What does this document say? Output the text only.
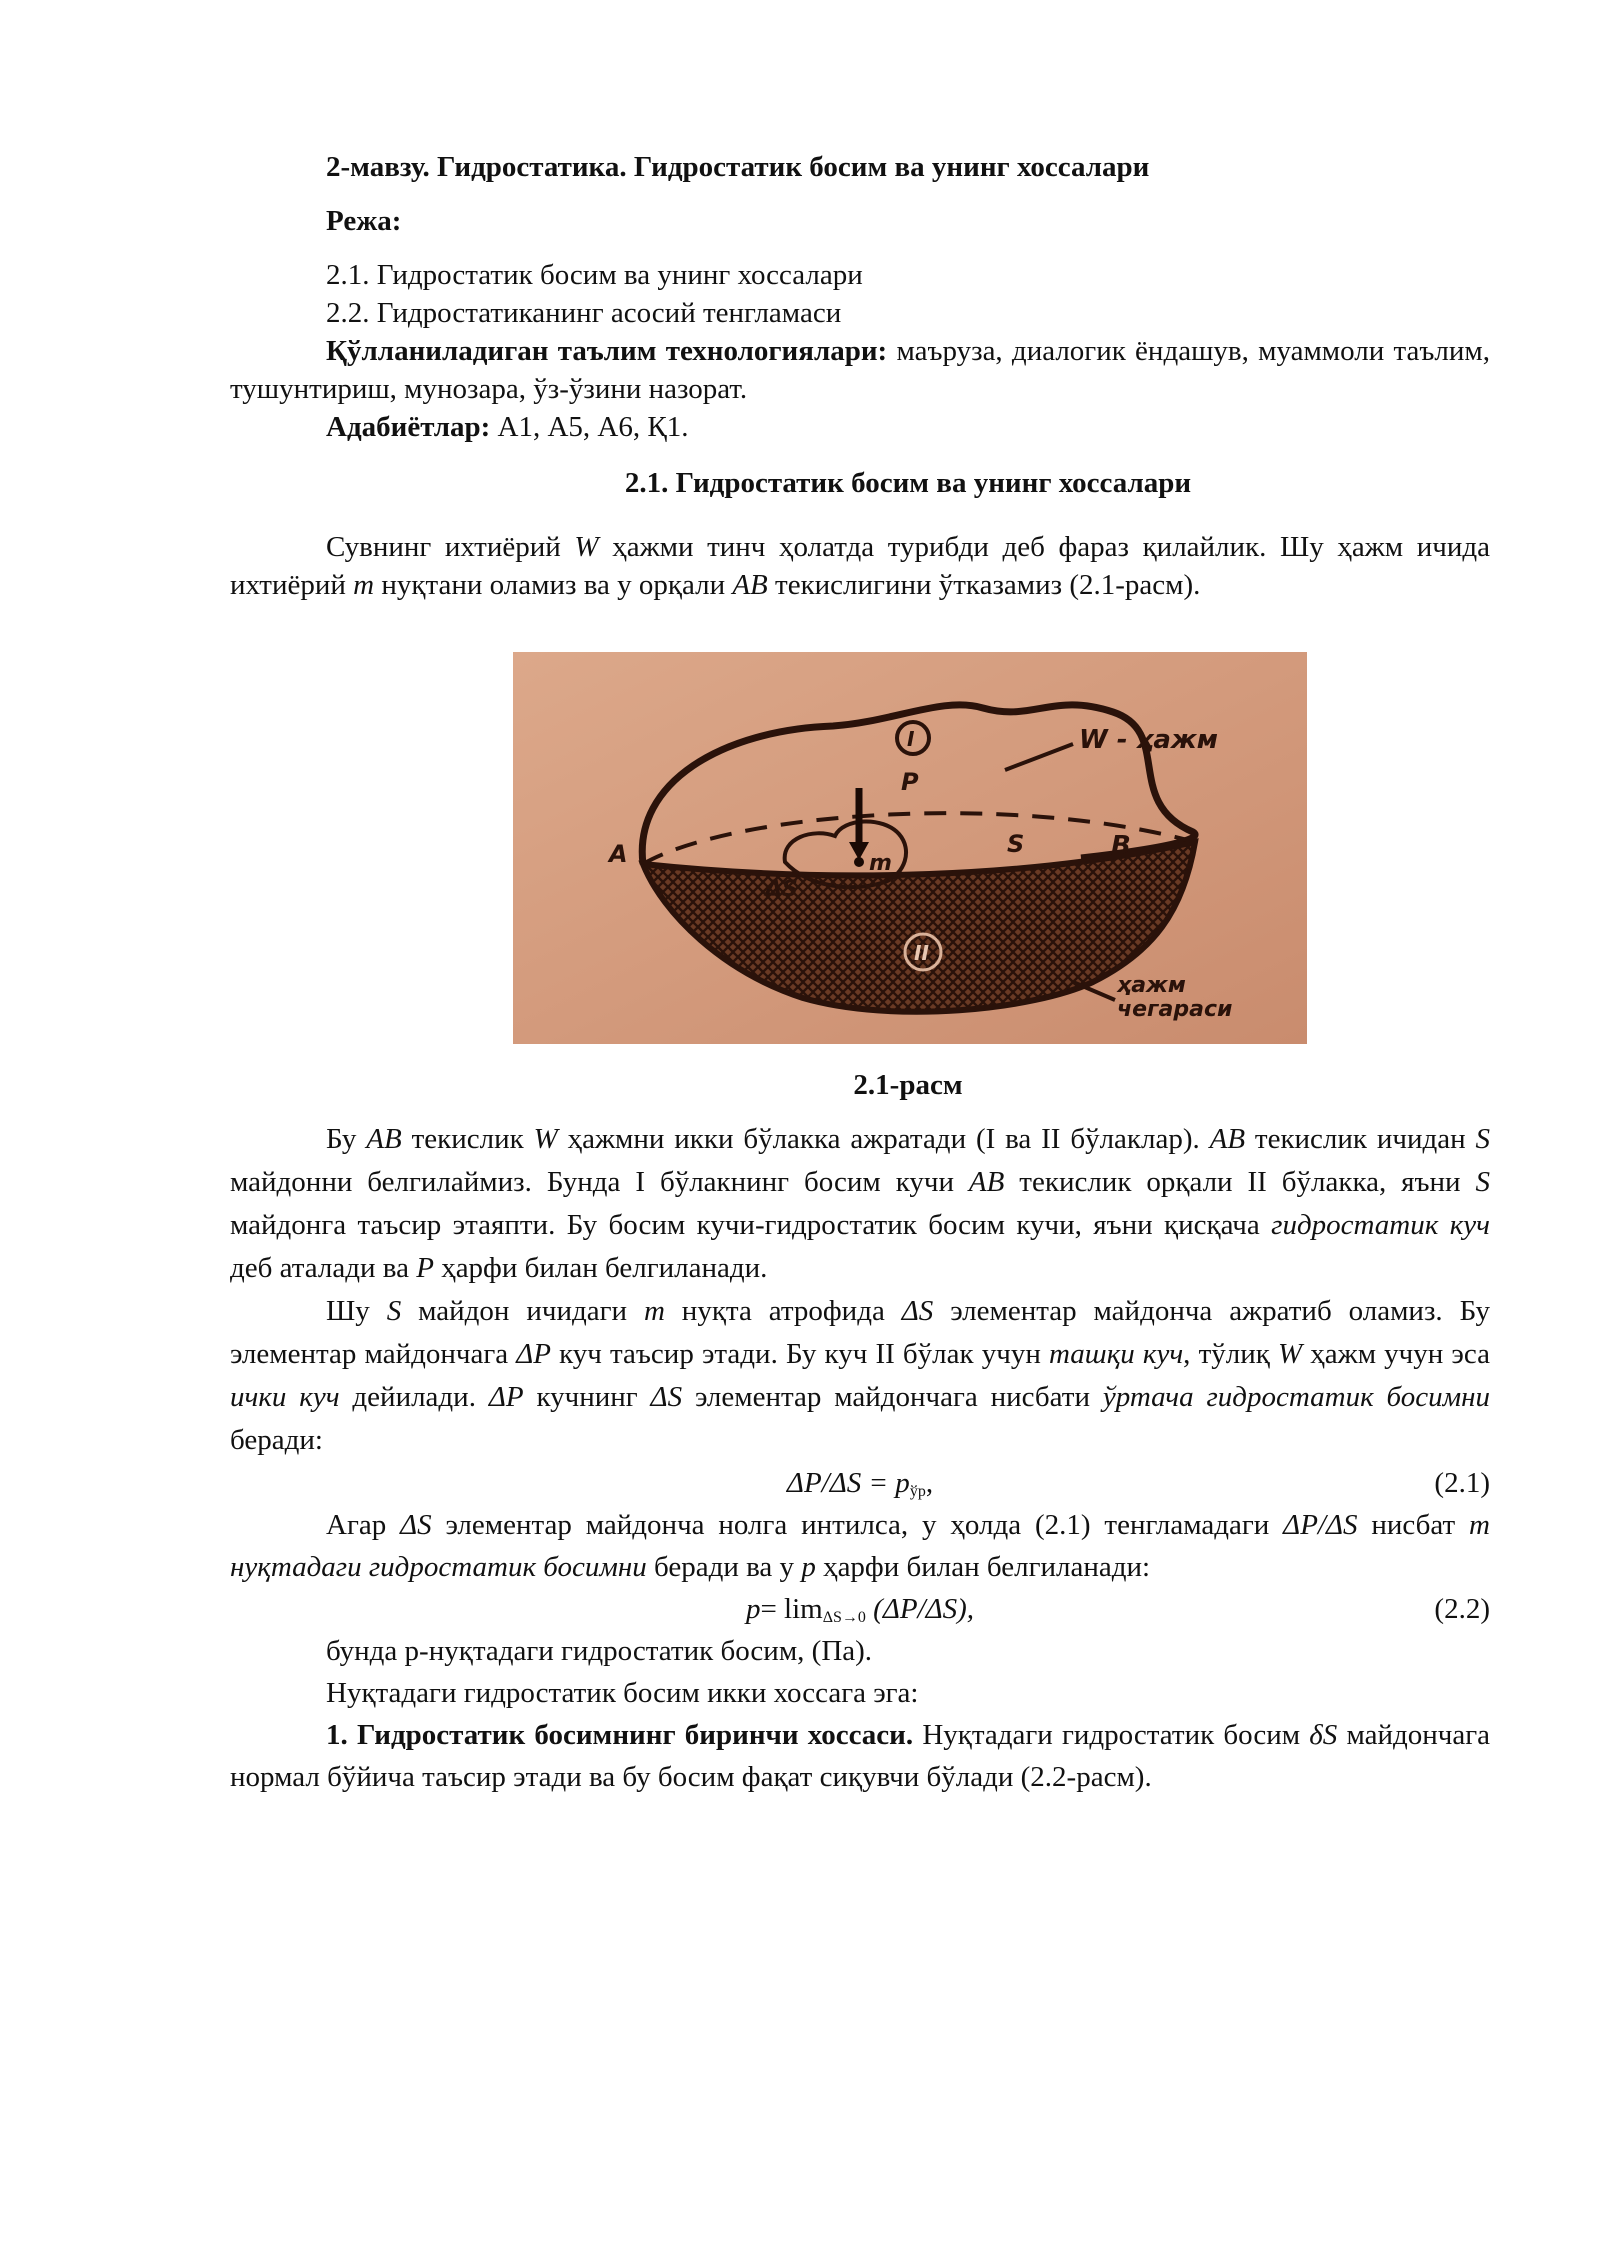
2-мавзу. Гидростатика. Гидростатик босим ва унинг хоссалари

Режа:

2.1. Гидростатик босим ва унинг хоссалари

2.2. Гидростатиканинг асосий тенгламаси

Қўлланиладиган таълим технологиялари: маъруза, диалогик ёндашув, муаммоли таълим, тушунтириш, мунозара, ўз-ўзини назорат.

Адабиётлар: А1, А5, А6, Қ1.

2.1. Гидростатик босим ва унинг хоссалари

Сувнинг ихтиёрий W ҳажми тинч ҳолатда турибди деб фараз қилайлик. Шу ҳажм ичида ихтиёрий m нуқтани оламиз ва у орқали AB текислигини ўтказамиз (2.1-расм).

I
II
P
m
ΔS
S
A	B
W - ҳажм
ҳажм
чегараси

2.1-расм

Бу AB текислик W ҳажмни икки бўлакка ажратади (I ва II бўлаклар). AB текислик ичидан S майдонни белгилаймиз. Бунда I бўлакнинг босим кучи AB текислик орқали II бўлакка, яъни S майдонга таъсир этаяпти. Бу босим кучи-гидростатик босим кучи, яъни қисқача гидростатик куч деб аталади ва Р ҳарфи билан белгиланади.

Шу S майдон ичидаги m нуқта атрофида ΔS элементар майдонча ажратиб оламиз. Бу элементар майдончага ΔP куч таъсир этади. Бу куч II бўлак учун ташқи куч, тўлиқ W ҳажм учун эса ички куч дейилади. ΔP кучнинг ΔS элементар майдончага нисбати ўртача гидростатик босимни беради:

$\Delta P/\Delta S = p_{ўр}$,	(2.1)

Агар ΔS элементар майдонча нолга интилса, у ҳолда (2.1) тенгламадаги ΔP/ΔS нисбат m нуқтадаги гидростатик босимни беради ва у p ҳарфи билан белгиланади:

$p= \lim_{\Delta S\to 0} (\Delta P/\Delta S)$,	(2.2)

бунда p-нуқтадаги гидростатик босим, (Па).

Нуқтадаги гидростатик босим икки хоссага эга:

1. Гидростатик босимнинг биринчи хоссаси. Нуқтадаги гидростатик босим δS майдончага нормал бўйича таъсир этади ва бу босим фақат сиқувчи бўлади (2.2-расм).
